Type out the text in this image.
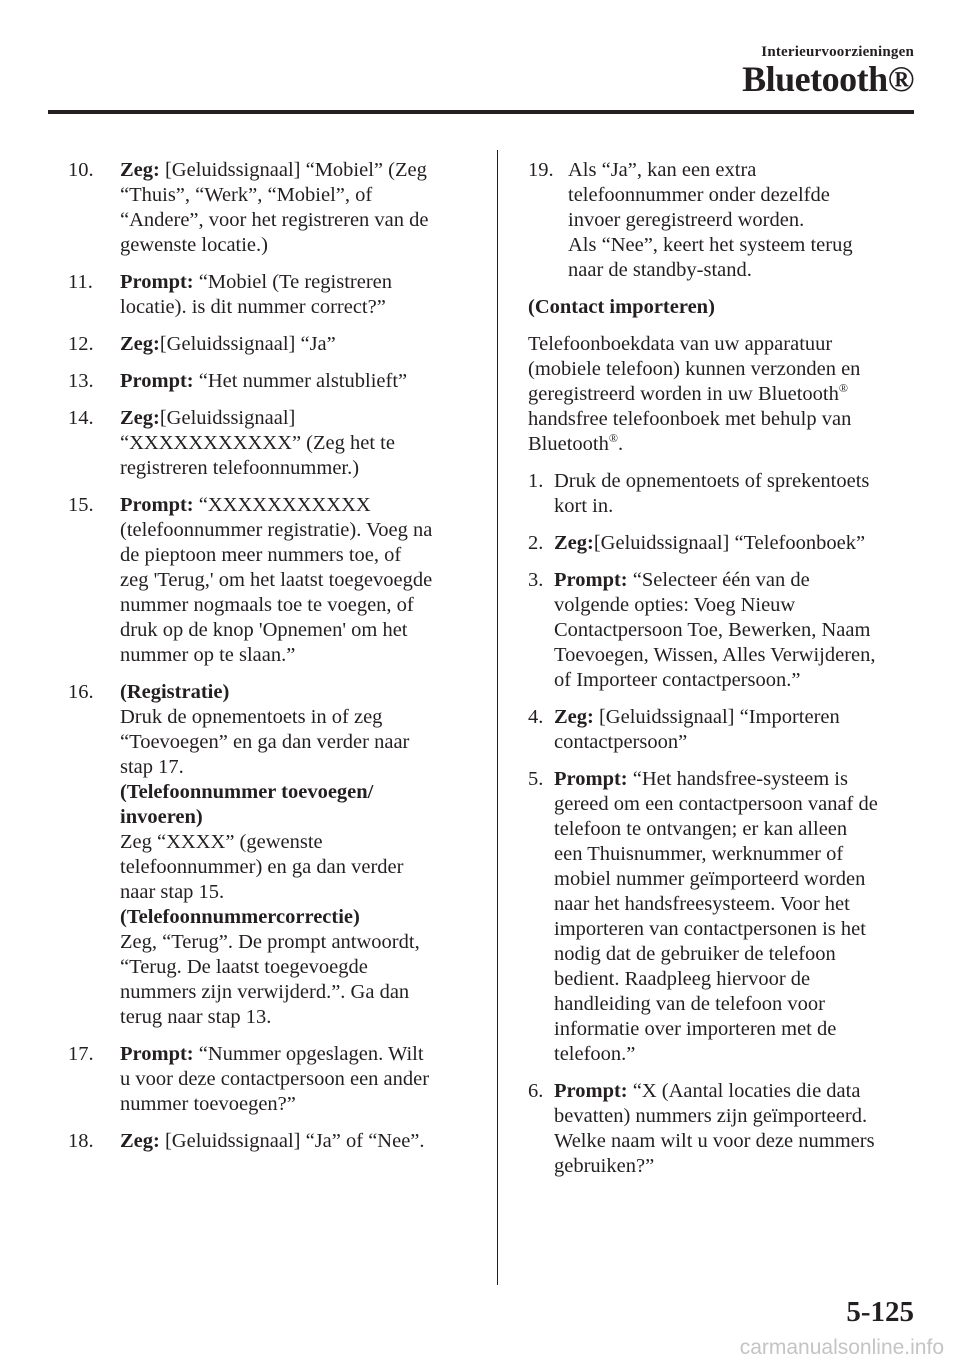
Interieurvoorzieningen
Bluetooth®
10.	Zeg: [Geluidssignaal] “Mobiel” (Zeg
“Thuis”, “Werk”, “Mobiel”, of
“Andere”, voor het registreren van de
gewenste locatie.)
11.	Prompt: “Mobiel (Te registreren
locatie). is dit nummer correct?”
12.	Zeg:[Geluidssignaal] “Ja”
13.	Prompt: “Het nummer alstublieft”
14.	Zeg:[Geluidssignaal]
“XXXXXXXXXXX” (Zeg het te
registreren telefoonnummer.)
15.	Prompt: “XXXXXXXXXXX
(telefoonnummer registratie). Voeg na
de pieptoon meer nummers toe, of
zeg 'Terug,' om het laatst toegevoegde
nummer nogmaals toe te voegen, of
druk op de knop 'Opnemen' om het
nummer op te slaan.”
16.	(Registratie)
Druk de opnementoets in of zeg
“Toevoegen” en ga dan verder naar
stap 17.
(Telefoonnummer toevoegen/
invoeren)
Zeg “XXXX” (gewenste
telefoonnummer) en ga dan verder
naar stap 15.
(Telefoonnummercorrectie)
Zeg, “Terug”. De prompt antwoordt,
“Terug. De laatst toegevoegde
nummers zijn verwijderd.”. Ga dan
terug naar stap 13.
17.	Prompt: “Nummer opgeslagen. Wilt
u voor deze contactpersoon een ander
nummer toevoegen?”
18.	Zeg: [Geluidssignaal] “Ja” of “Nee”.
19. Als “Ja”, kan een extra
telefoonnummer onder dezelfde
invoer geregistreerd worden.
Als “Nee”, keert het systeem terug
naar de standby-stand.
(Contact importeren)
Telefoonboekdata van uw apparatuur
(mobiele telefoon) kunnen verzonden en
geregistreerd worden in uw Bluetooth®
handsfree telefoonboek met behulp van
Bluetooth®.
1. Druk de opnementoets of sprekentoets
kort in.
2. Zeg:[Geluidssignaal] “Telefoonboek”
3. Prompt: “Selecteer één van de
volgende opties: Voeg Nieuw
Contactpersoon Toe, Bewerken, Naam
Toevoegen, Wissen, Alles Verwijderen,
of Importeer contactpersoon.”
4. Zeg: [Geluidssignaal] “Importeren
contactpersoon”
5. Prompt: “Het handsfree-systeem is
gereed om een contactpersoon vanaf de
telefoon te ontvangen; er kan alleen
een Thuisnummer, werknummer of
mobiel nummer geïmporteerd worden
naar het handsfreesysteem. Voor het
importeren van contactpersonen is het
nodig dat de gebruiker de telefoon
bedient. Raadpleeg hiervoor de
handleiding van de telefoon voor
informatie over importeren met de
telefoon.”
6. Prompt: “X (Aantal locaties die data
bevatten) nummers zijn geïmporteerd.
Welke naam wilt u voor deze nummers
gebruiken?”
5-125
carmanualsonline.info
